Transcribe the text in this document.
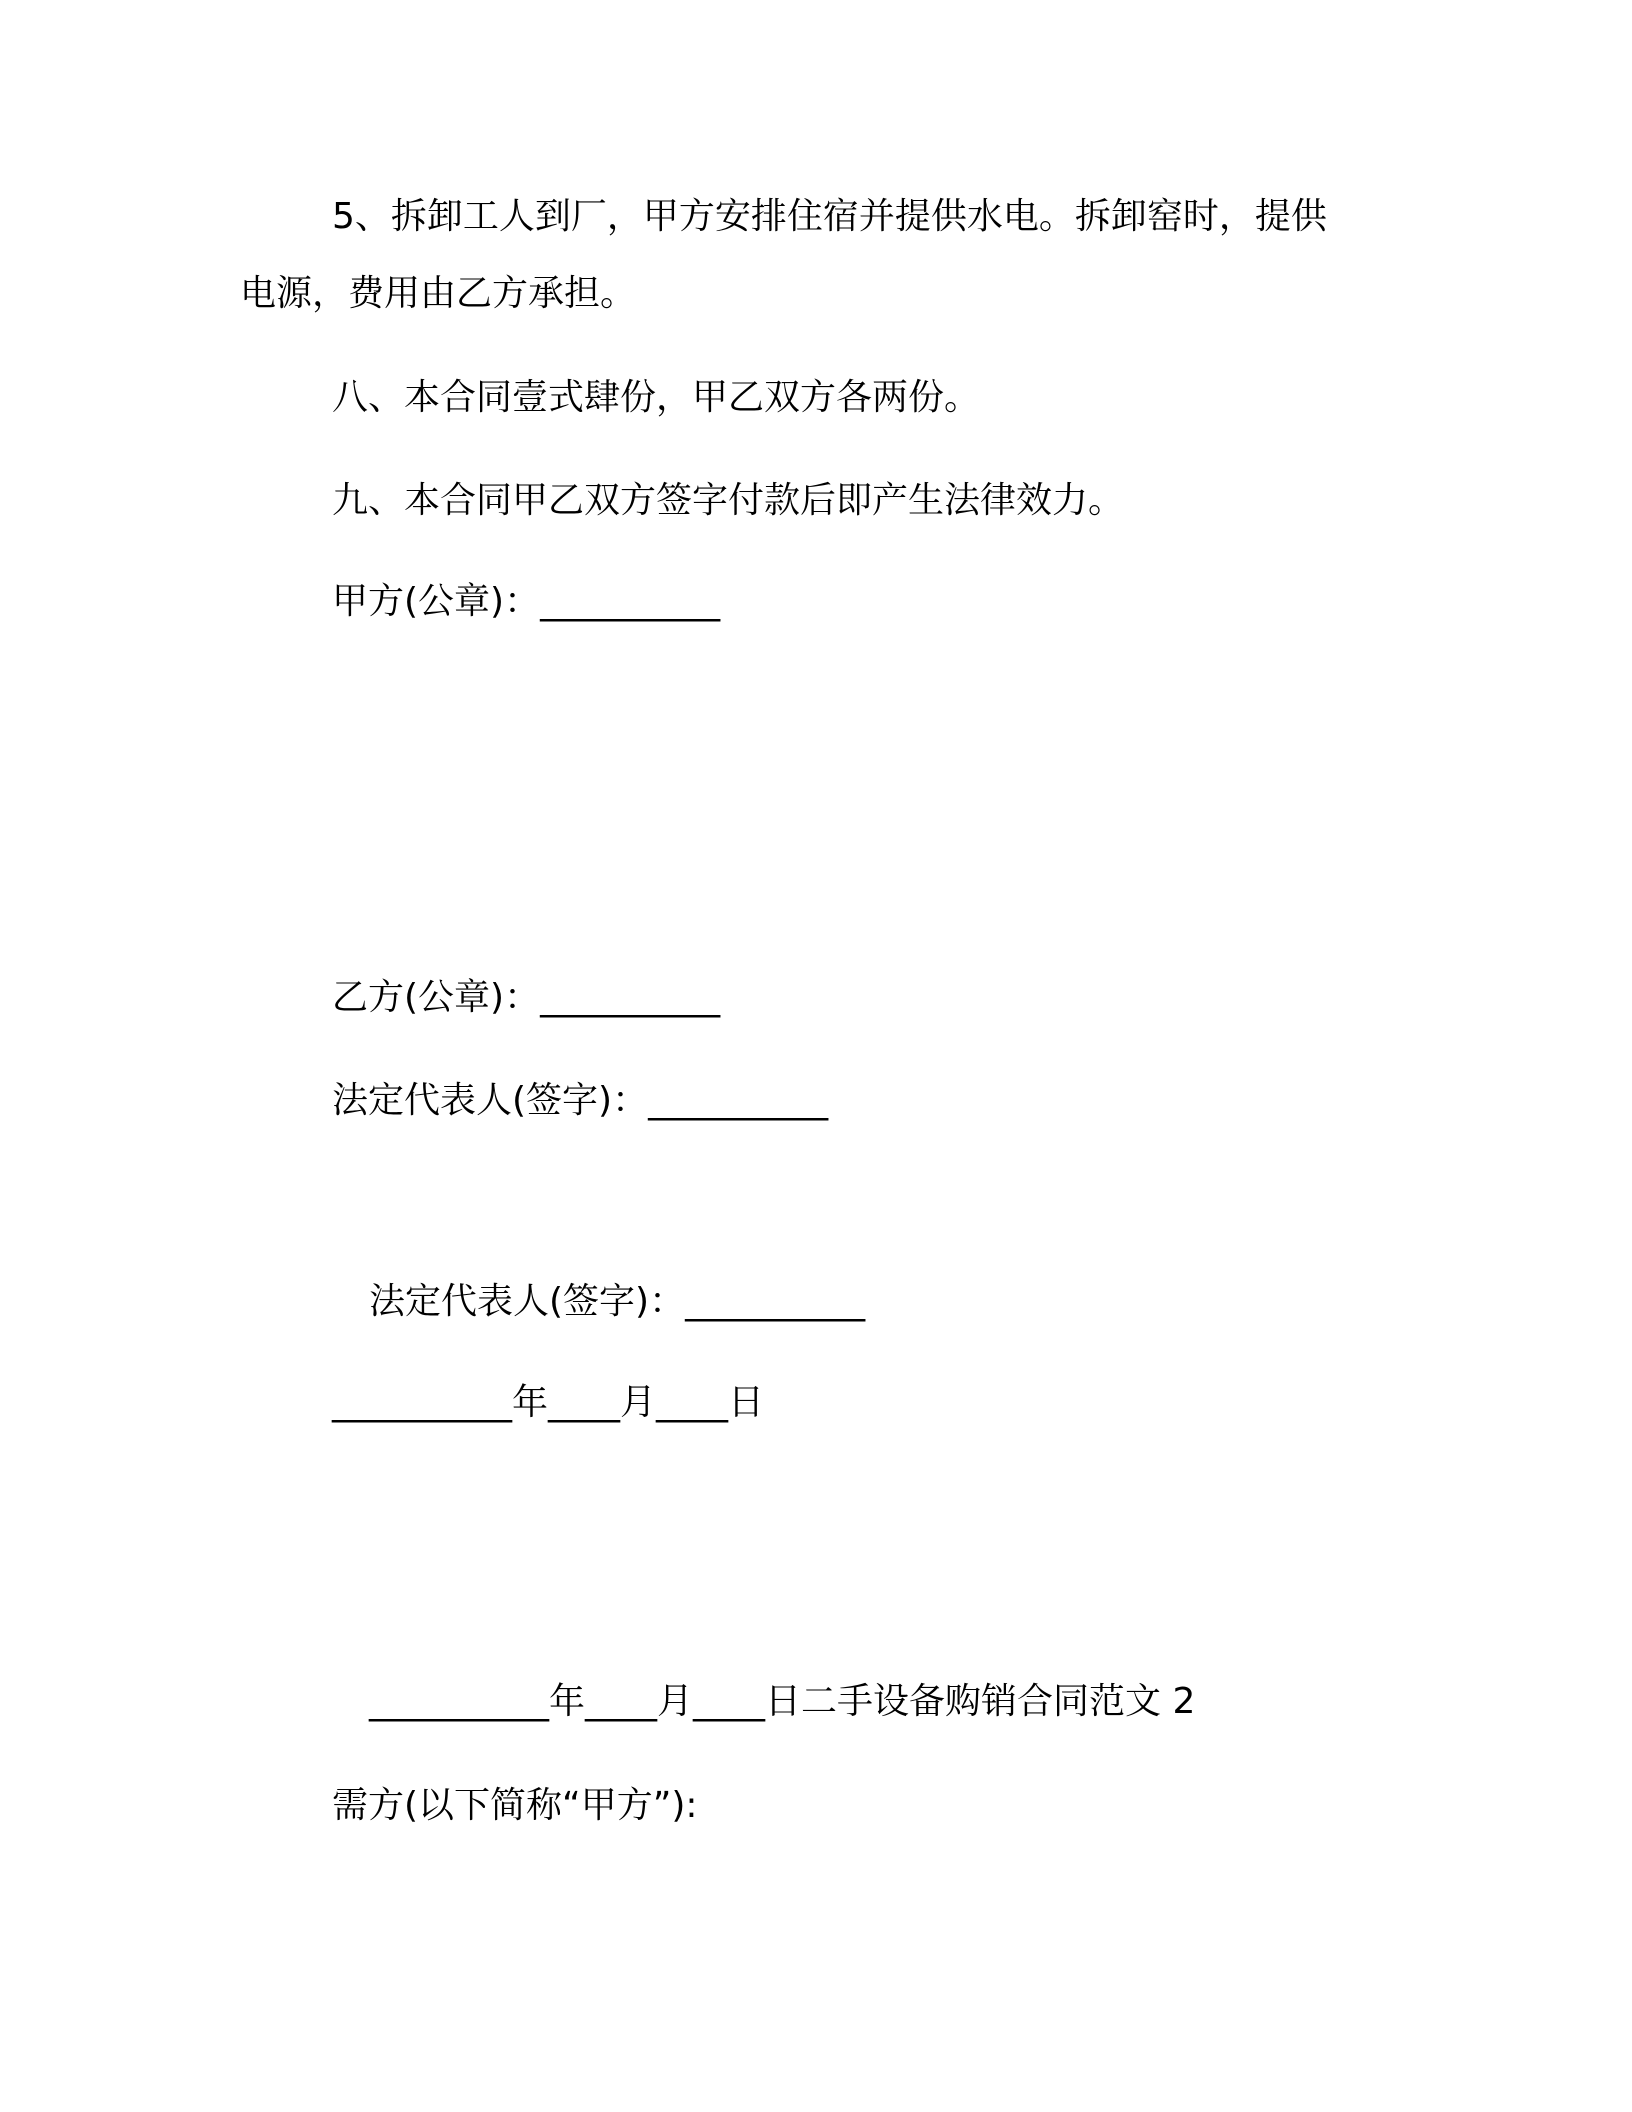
5、拆卸工人到厂，甲方安排住宿并提供水电。拆卸窑时，提供
电源，费用由乙方承担。
八、本合同壹式肆份，甲乙双方各两份。
九、本合同甲乙双方签字付款后即产生法律效力。
甲方(公章)：__________
乙方(公章)：__________
法定代表人(签字)：__________
法定代表人(签字)：__________
__________年____月____日
__________年____月____日二手设备购销合同范文 2
需方(以下简称“甲方”):
